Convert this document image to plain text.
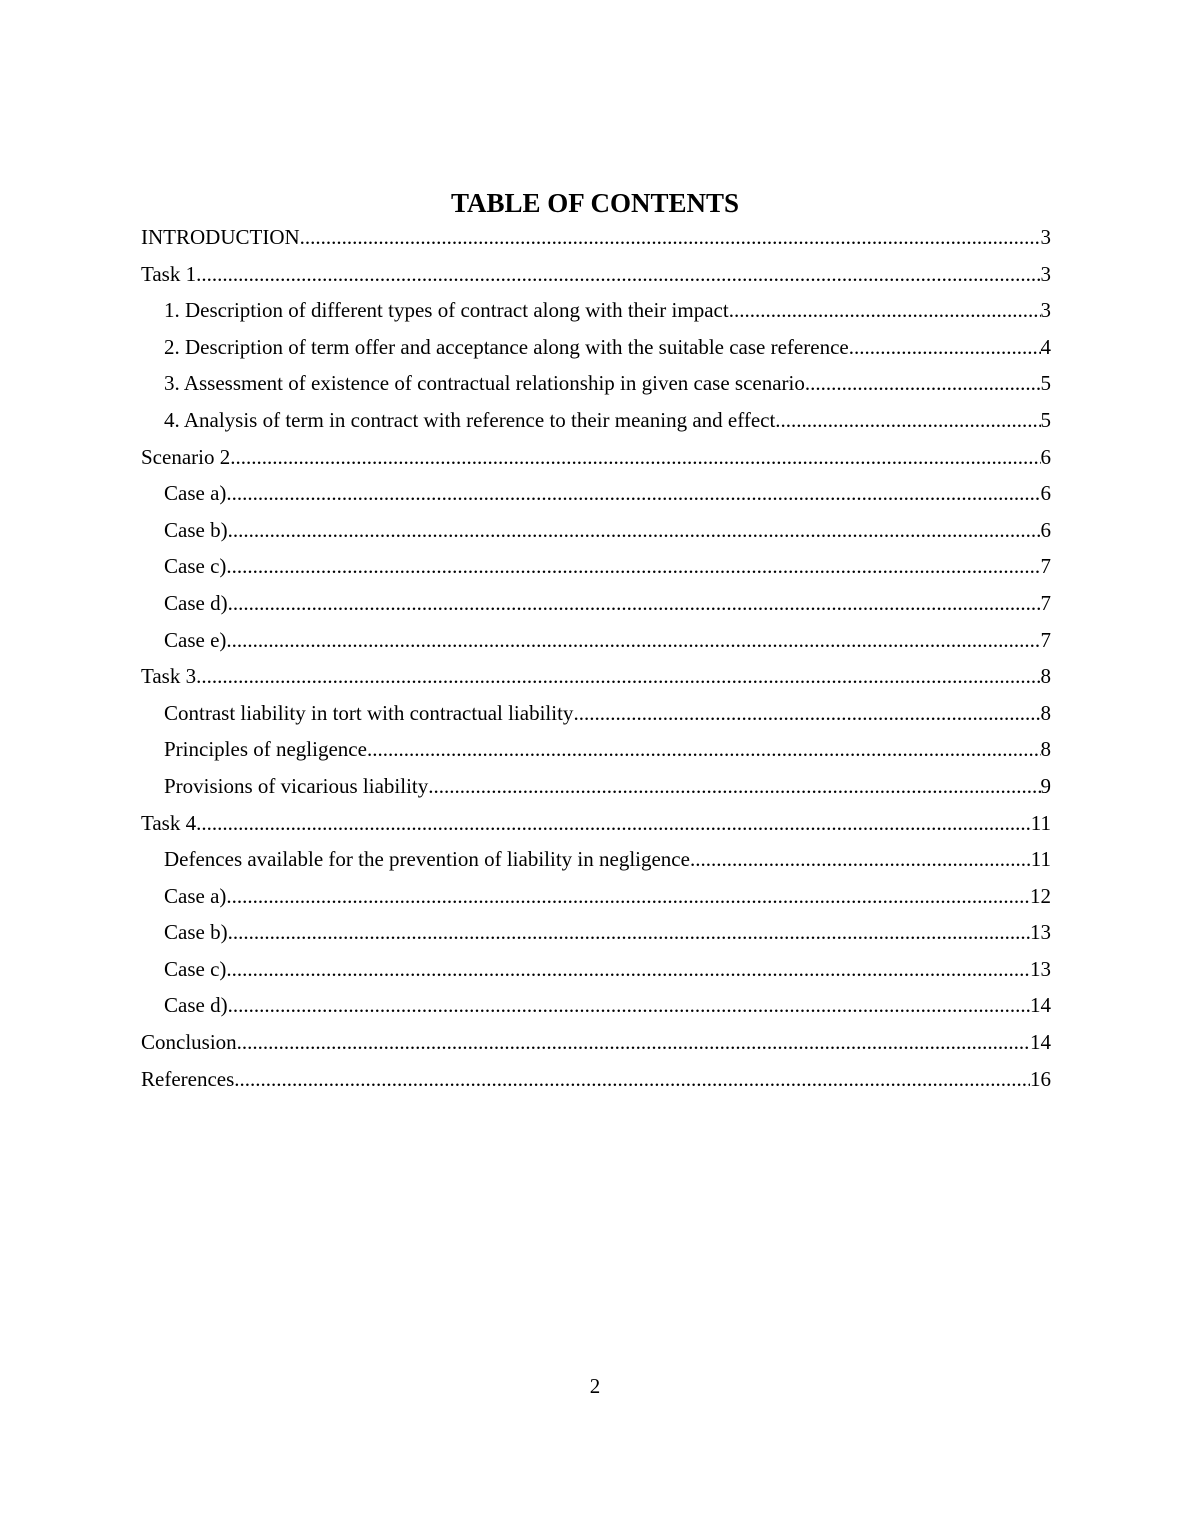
TABLE OF CONTENTS
INTRODUCTION .....	3
Task 1 .....	3
1. Description of different types of contract along with their impact .....	3
2. Description of term offer and acceptance along with the suitable case reference .....	4
3. Assessment of existence of contractual relationship in given case scenario .....	5
4. Analysis of term in contract with reference to their meaning and effect .....	5
Scenario 2 .....	6
Case a) .....	6
Case b) .....	6
Case c) .....	7
Case d) .....	7
Case e) .....	7
Task 3 .....	8
Contrast liability in tort with contractual liability .....	8
Principles of negligence .....	8
Provisions of vicarious liability .....	9
Task 4 .....	11
Defences available for the prevention of liability in negligence .....	11
Case a) .....	12
Case b) .....	13
Case c) .....	13
Case d) .....	14
Conclusion .....	14
References .....	16
2
